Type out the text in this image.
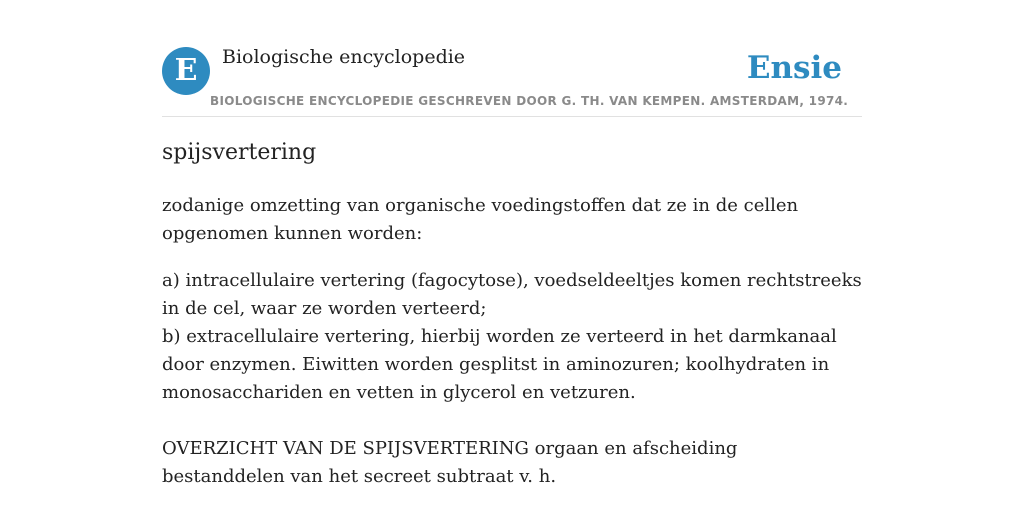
E	Biologische encyclopedie	Ensie
BIOLOGISCHE ENCYCLOPEDIE GESCHREVEN DOOR G. TH. VAN KEMPEN. AMSTERDAM, 1974.
spijsvertering

zodanige omzetting van organische voedingstoffen dat ze in de cellen opgenomen kunnen worden:

a) intracellulaire vertering (fagocytose), voedseldeeltjes komen rechtstreeks in de cel, waar ze worden verteerd;
b) extracellulaire vertering, hierbij worden ze verteerd in het darmkanaal door enzymen. Eiwitten worden gesplitst in aminozuren; koolhydraten in monosacchariden en vetten in glycerol en vetzuren.
OVERZICHT VAN DE SPIJSVERTERING orgaan en afscheiding bestanddelen van het secreet subtraat v. h.
